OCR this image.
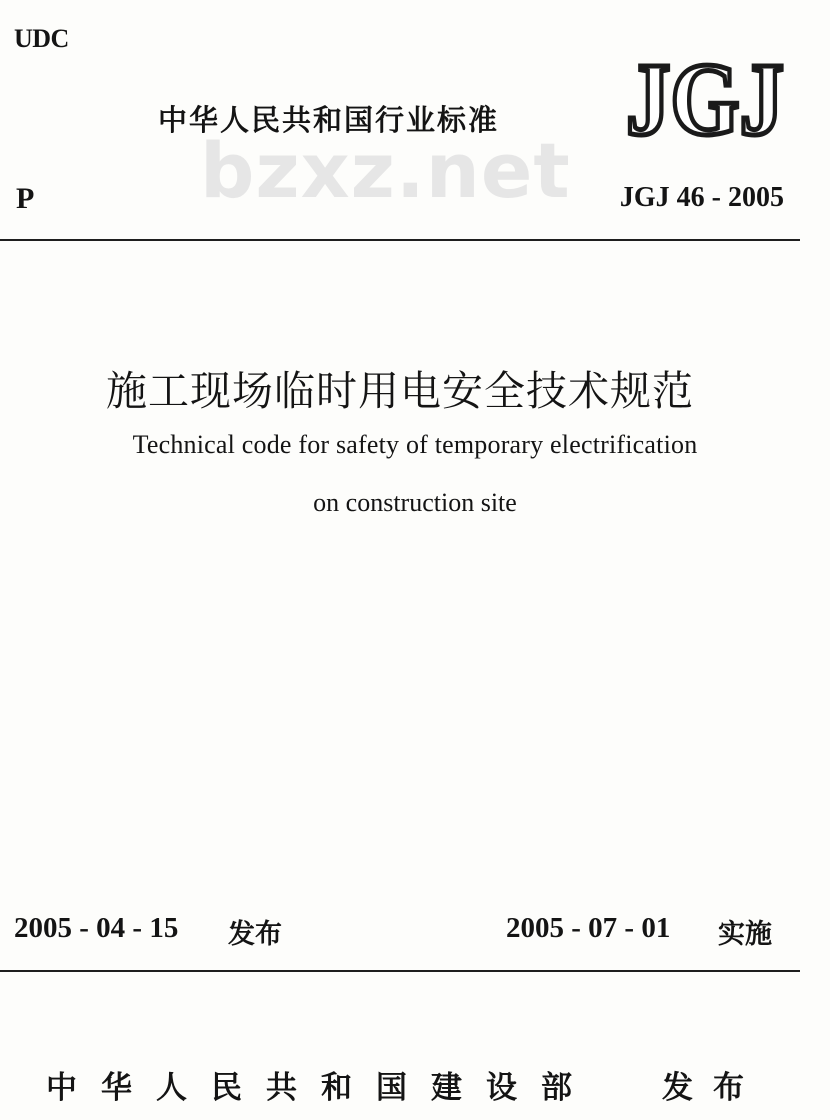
UDC
中华人民共和国行业标准 JGJ
bzxz.net
P	JGJ 46 - 2005
施工现场临时用电安全技术规范
Technical code for safety of temporary electrification
on construction site
2005 - 04 - 15 发布	2005 - 07 - 01 实施
中华人民共和国建设部 发布
